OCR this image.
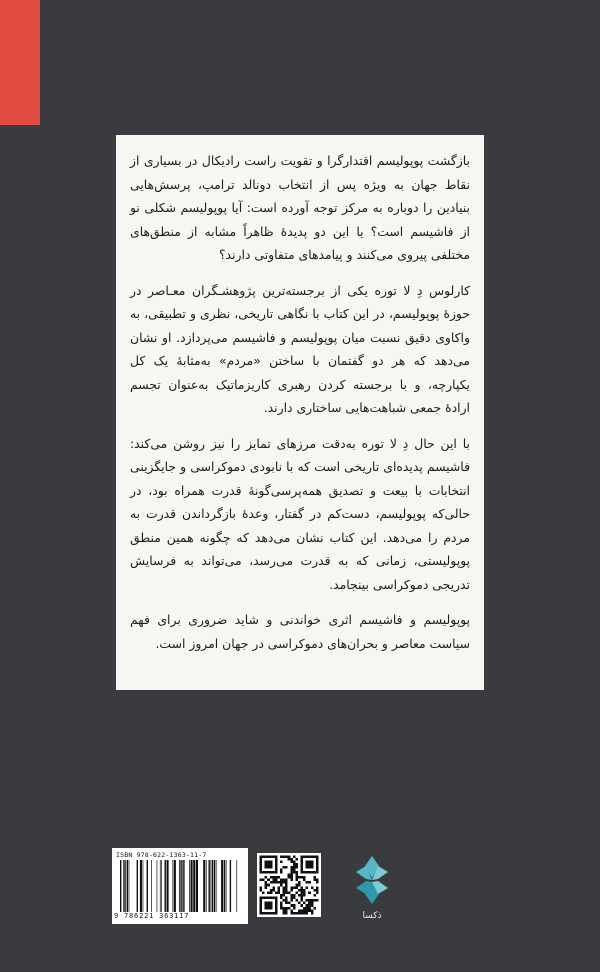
بازگشت پوپولیسم اقتدارگرا و تقویت راست رادیکال در بسیاری از نقاط جهان به ویژه پس از انتخاب دونالد ترامپ، پرسش‌هایی بنیادین را دوباره به مرکز توجه آورده است: آیا پوپولیسم شکلی نو از فاشیسم است؟ یا این دو پدیدهٔ ظاهراً مشابه از منطق‌های مختلفی پیروی می‌کنند و پیامدهای متفاوتی دارند؟

کارلوس دِ لا توره یکی از برجسته‌ترین پژوهشـگران معـاصر در حوزهٔ پوپولیسم، در این کتاب با نگاهی تاریخی، نظری و تطبیقی، به واکاوی دقیق نسبت میان پوپولیسم و فاشیسم می‌پردازد. او نشان می‌دهد که هر دو گفتمان با ساختن «مردم» به‌مثابهٔ یک کل یکپارچه، و با برجسته کردن رهبری کاریزماتیک به‌عنوان تجسم ارادهٔ جمعی شباهت‌هایی ساختاری دارند.

با این حال دِ لا توره به‌دقت مرزهای تمایز را نیز روشن می‌کند: فاشیسم پدیده‌ای تاریخی است که با نابودی دموکراسی و جایگزینی انتخابات با بیعت و تصدیق همه‌پرسی‌گونهٔ قدرت همراه بود، در حالی‌که پوپولیسم، دست‌کم در گفتار، وعدهٔ بازگرداندن قدرت به مردم را می‌دهد. این کتاب نشان می‌دهد که چگونه همین منطق پوپولیستی، زمانی که به قدرت می‌رسد، می‌تواند به فرسایش تدریجی دموکراسی بینجامد.

پوپولیسم و فاشیسم اثری خواندنی و شاید ضروری برای فهم سیاست معاصر و بحران‌های دموکراسی در جهان امروز است.

ISBN 978-622-1363-11-7
9 786221 363117	ذکسا
